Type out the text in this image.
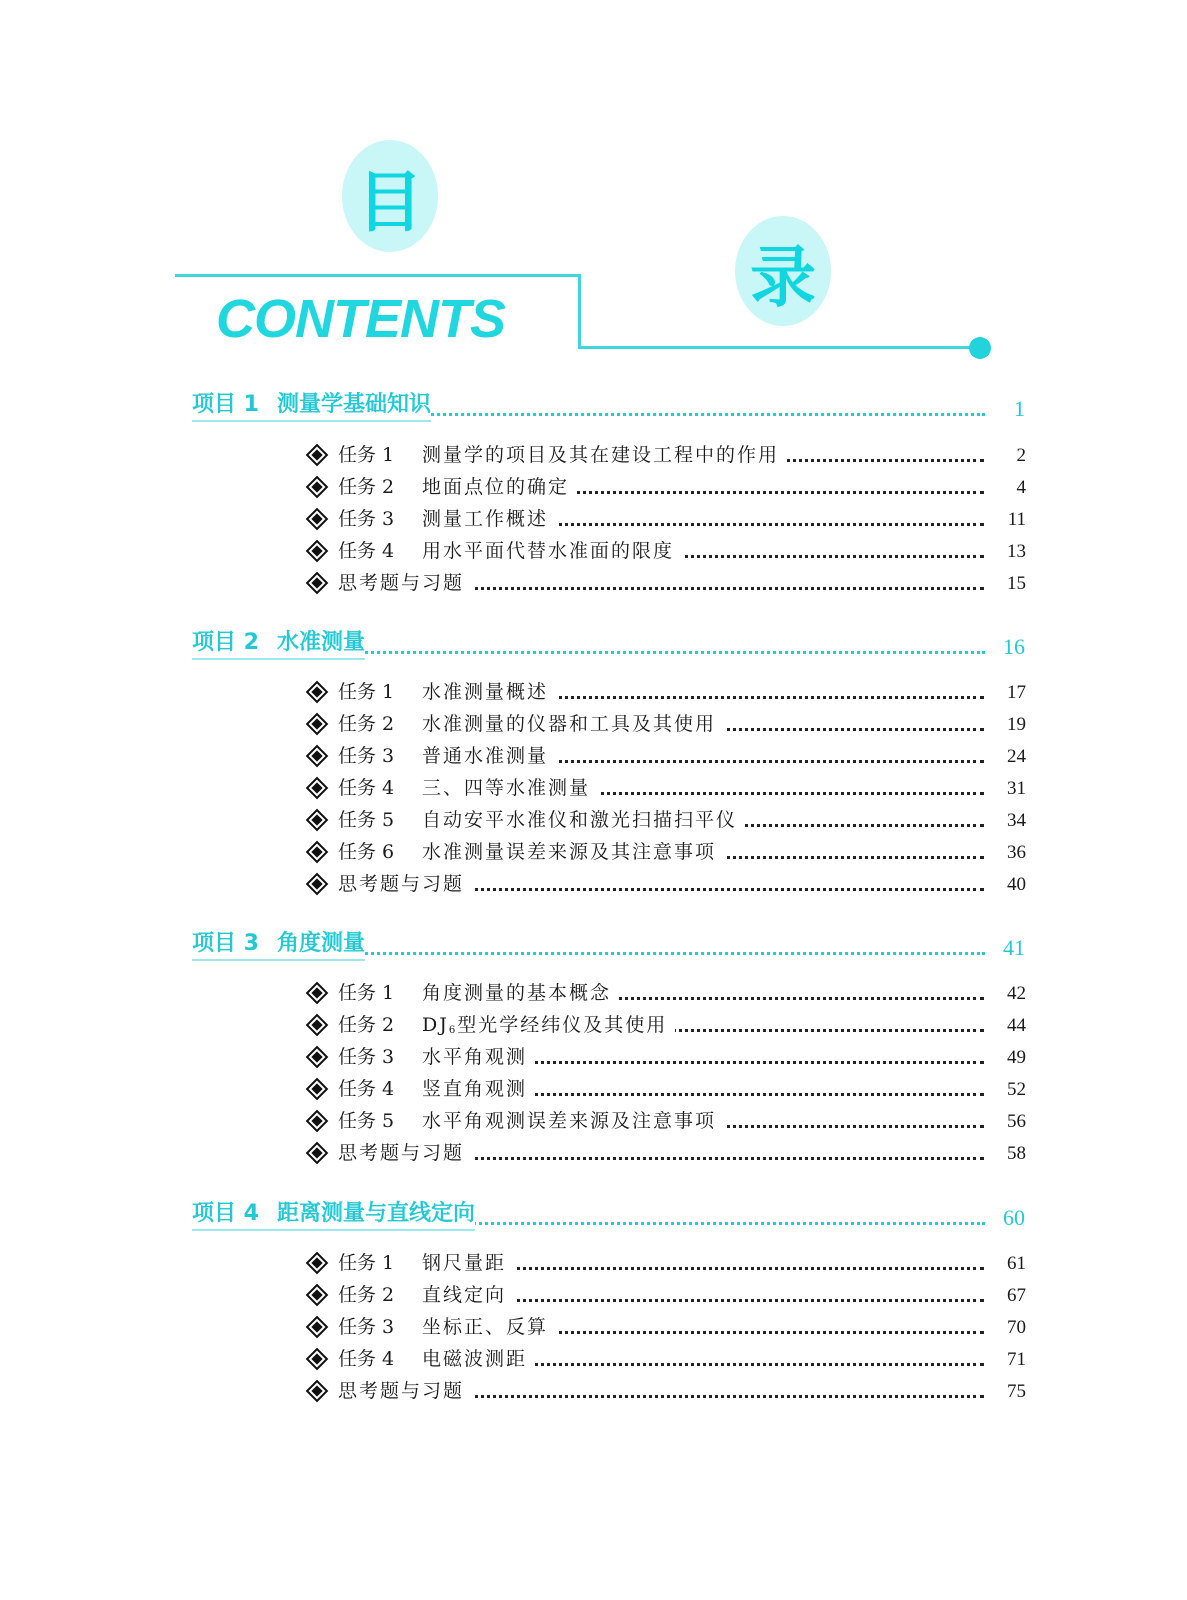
目
录
CONTENTS
项目 1 测量学基础知识	1
任务 1	测量学的项目及其在建设工程中的作用	2
任务 2	地面点位的确定	4
任务 3	测量工作概述	11
任务 4	用水平面代替水准面的限度	13
思考题与习题	15
项目 2 水准测量	16
任务 1	水准测量概述	17
任务 2	水准测量的仪器和工具及其使用	19
任务 3	普通水准测量	24
任务 4	三、四等水准测量	31
任务 5	自动安平水准仪和激光扫描扫平仪	34
任务 6	水准测量误差来源及其注意事项	36
思考题与习题	40
项目 3 角度测量	41
任务 1	角度测量的基本概念	42
任务 2	$DJ_6$型光学经纬仪及其使用	44
任务 3	水平角观测	49
任务 4	竖直角观测	52
任务 5	水平角观测误差来源及注意事项	56
思考题与习题	58
项目 4 距离测量与直线定向	60
任务 1	钢尺量距	61
任务 2	直线定向	67
任务 3	坐标正、反算	70
任务 4	电磁波测距	71
思考题与习题	75
